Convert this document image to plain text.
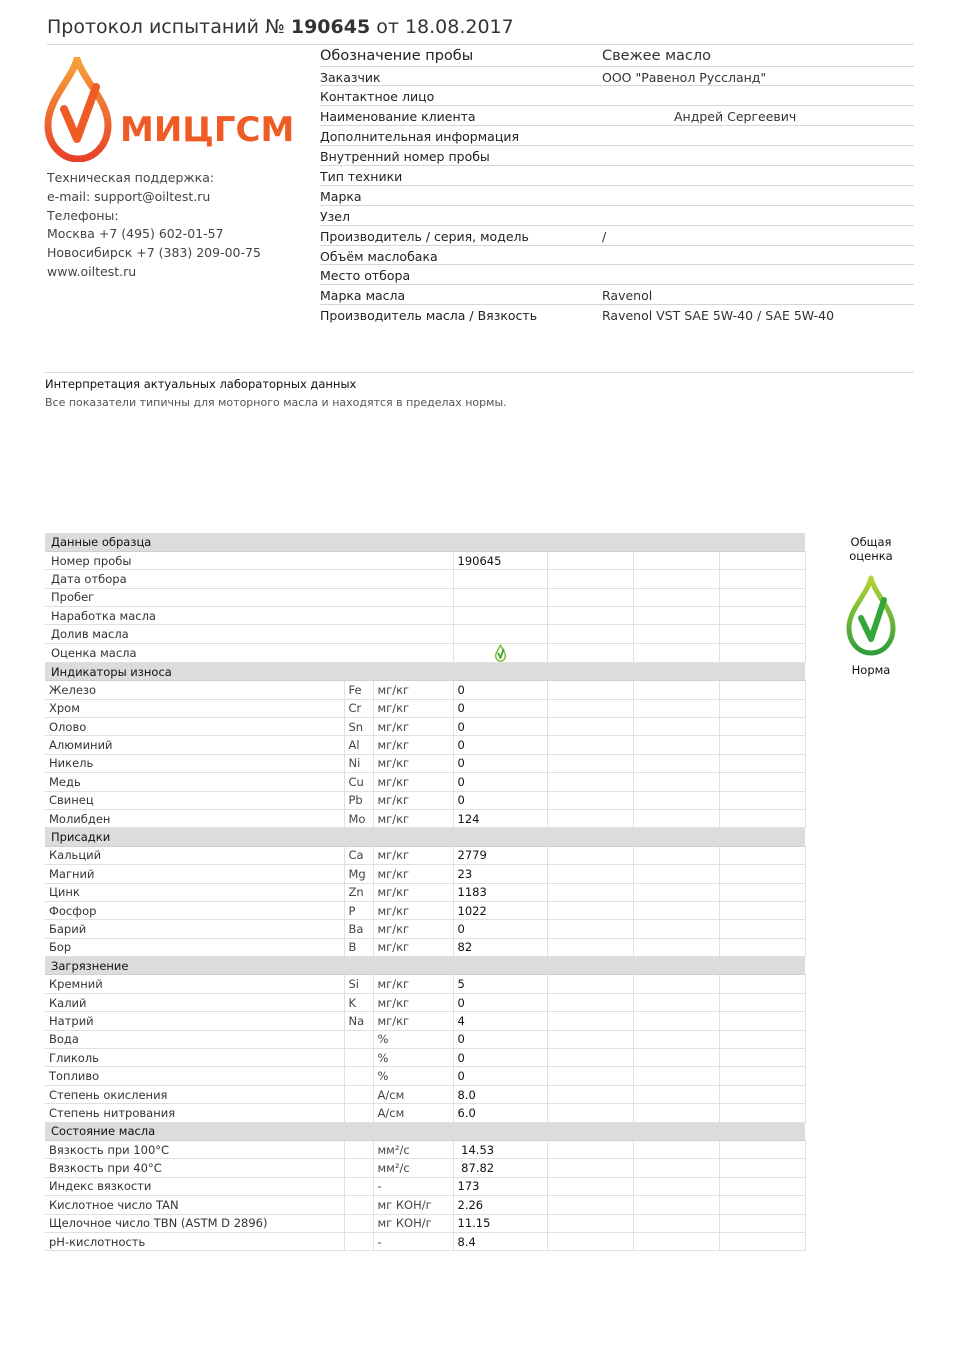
Протокол испытаний № 190645 от 18.08.2017
МИЦГСМ
Техническая поддержка:
e-mail: support@oiltest.ru
Телефоны:
Москва +7 (495) 602-01-57
Новосибирск +7 (383) 209-00-75
www.oiltest.ru
Обозначение пробы	Свежее масло
Заказчик	ООО "Равенол Руссланд"
Контактное лицо
Наименование клиента	Андрей Сергеевич
Дополнительная информация
Внутренний номер пробы
Тип техники
Марка
Узел
Производитель / серия, модель	/
Объём маслобака
Место отбора
Марка масла	Ravenol
Производитель масла / Вязкость	Ravenol VST SAE 5W-40 / SAE 5W-40
Интерпретация актуальных лабораторных данных
Все показатели типичны для моторного масла и находятся в пределах нормы.
Данные образца						
Номер пробы			190645			
Дата отбора						
Пробег						
Наработка масла						
Долив масла						
Оценка масла				
Индикаторы износа						
Железо	Fe	мг/кг	0			
Хром	Cr	мг/кг	0			
Олово	Sn	мг/кг	0			
Алюминий	Al	мг/кг	0			
Никель	Ni	мг/кг	0			
Медь	Cu	мг/кг	0			
Свинец	Pb	мг/кг	0			
Молибден	Mo	мг/кг	124			
Присадки						
Кальций	Ca	мг/кг	2779			
Магний	Mg	мг/кг	23			
Цинк	Zn	мг/кг	1183			
Фосфор	P	мг/кг	1022			
Барий	Ba	мг/кг	0			
Бор	B	мг/кг	82			
Загрязнение						
Кремний	Si	мг/кг	5			
Калий	K	мг/кг	0			
Натрий	Na	мг/кг	4			
Вода		%	0			
Гликоль		%	0			
Топливо		%	0			
Степень окисления		А/см	8.0			
Степень нитрования		А/см	6.0			
Состояние масла						
Вязкость при 100°C		мм²/с	14.53			
Вязкость при 40°C		мм²/с	87.82			
Индекс вязкости		-	173			
Кислотное число TAN		мг КОН/г	2.26			
Щелочное число TBN (ASTM D 2896)		мг КОН/г	11.15			
pH-кислотность		-	8.4			
Общая оценка
Норма
